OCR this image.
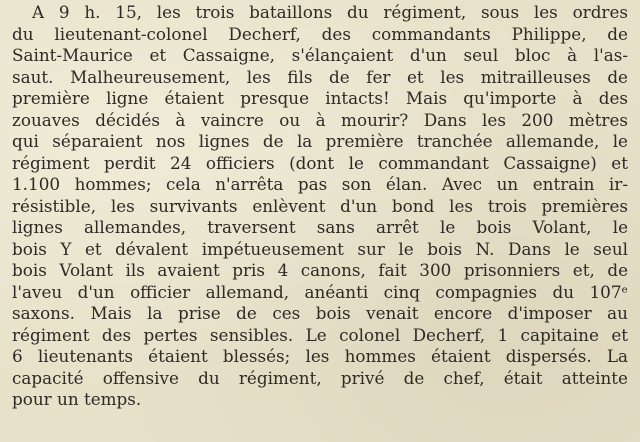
A 9 h. 15, les trois bataillons du régiment, sous les ordres
du lieutenant-colonel Decherf, des commandants Philippe, de
Saint-Maurice et Cassaigne, s'élançaient d'un seul bloc à l'as-
saut. Malheureusement, les fils de fer et les mitrailleuses de
première ligne étaient presque intacts! Mais qu'importe à des
zouaves décidés à vaincre ou à mourir? Dans les 200 mètres
qui séparaient nos lignes de la première tranchée allemande, le
régiment perdit 24 officiers (dont le commandant Cassaigne) et
1.100 hommes; cela n'arrêta pas son élan. Avec un entrain ir-
résistible, les survivants enlèvent d'un bond les trois premières
lignes allemandes, traversent sans arrêt le bois Volant, le
bois Y et dévalent impétueusement sur le bois N. Dans le seul
bois Volant ils avaient pris 4 canons, fait 300 prisonniers et, de
l'aveu d'un officier allemand, anéanti cinq compagnies du 107ᵉ
saxons. Mais la prise de ces bois venait encore d'imposer au
régiment des pertes sensibles. Le colonel Decherf, 1 capitaine et
6 lieutenants étaient blessés; les hommes étaient dispersés. La
capacité offensive du régiment, privé de chef, était atteinte
pour un temps.
